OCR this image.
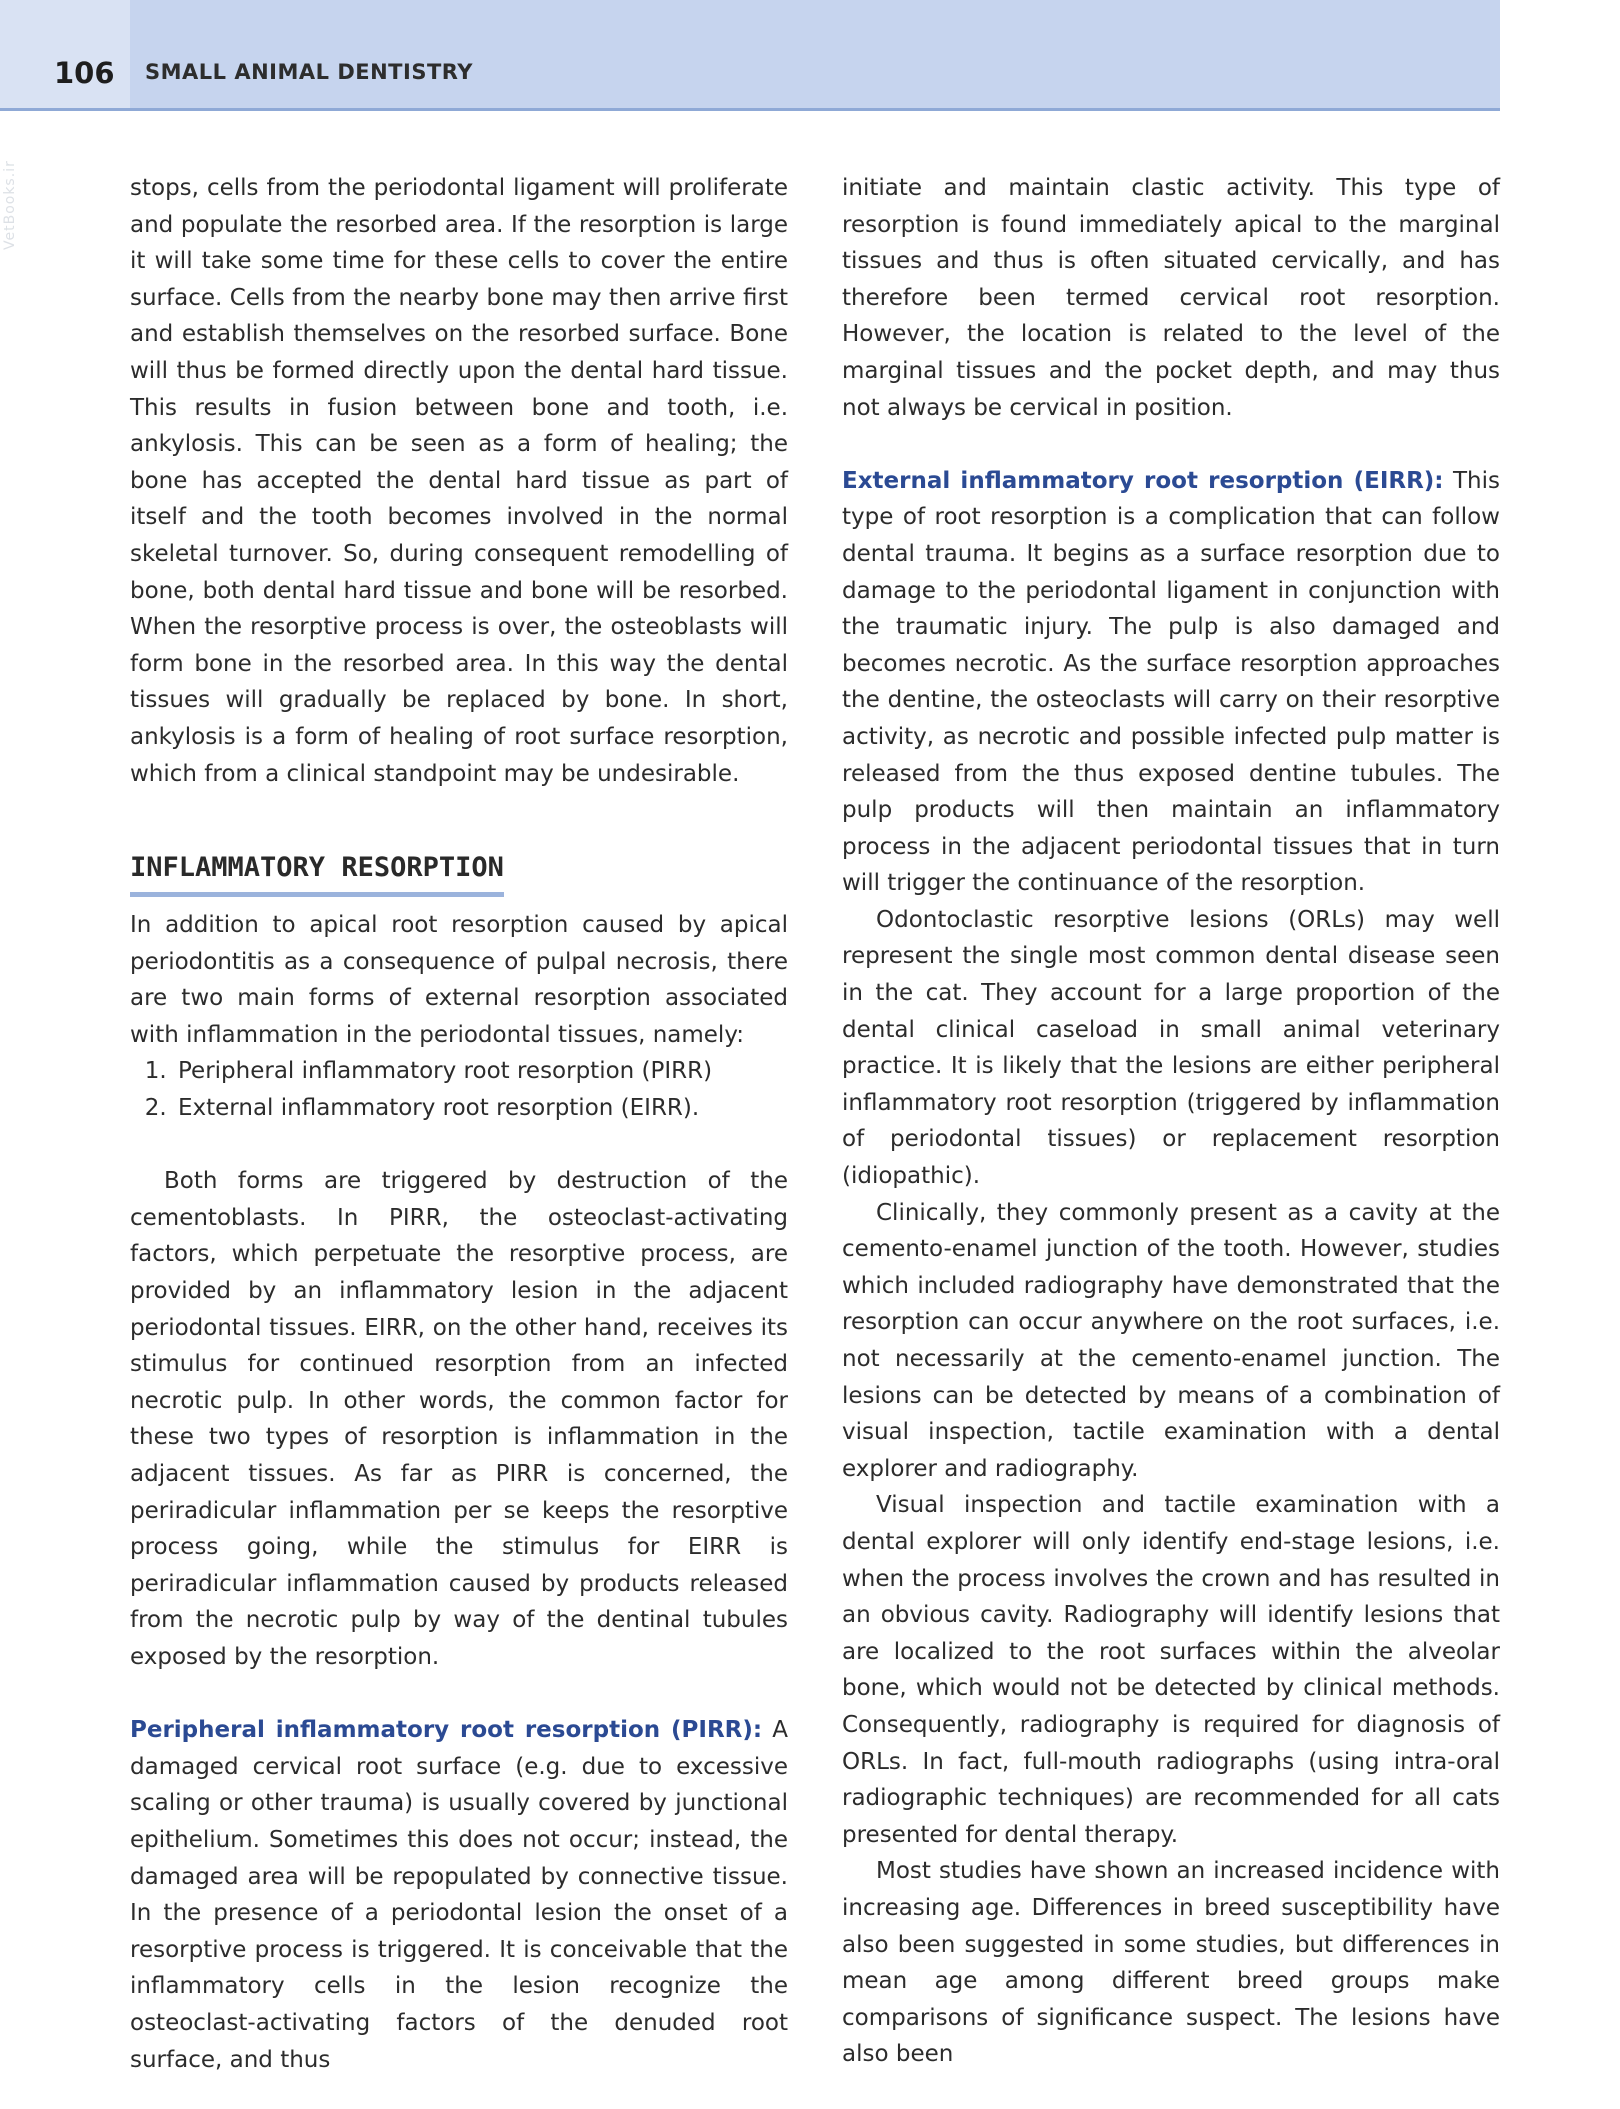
106 SMALL ANIMAL DENTISTRY
VetBooks.ir	stops, cells from the periodontal ligament will proliferate and populate the resorbed area. If the resorption is large it will take some time for these cells to cover the entire surface. Cells from the nearby bone may then arrive first and establish themselves on the resorbed surface. Bone will thus be formed directly upon the dental hard tissue. This results in fusion between bone and tooth, i.e. ankylosis. This can be seen as a form of healing; the bone has accepted the dental hard tissue as part of itself and the tooth becomes involved in the normal skeletal turnover. So, during consequent remodelling of bone, both dental hard tissue and bone will be resorbed. When the resorptive process is over, the osteoblasts will form bone in the resorbed area. In this way the dental tissues will gradually be replaced by bone. In short, ankylosis is a form of healing of root surface resorption, which from a clinical standpoint may be undesirable.

INFLAMMATORY RESORPTION

In addition to apical root resorption caused by apical periodontitis as a consequence of pulpal necrosis, there are two main forms of external resorption associated with inflammation in the periodontal tissues, namely:

1. Peripheral inflammatory root resorption (PIRR)
2. External inflammatory root resorption (EIRR).

Both forms are triggered by destruction of the cementoblasts. In PIRR, the osteoclast-activating factors, which perpetuate the resorptive process, are provided by an inflammatory lesion in the adjacent periodontal tissues. EIRR, on the other hand, receives its stimulus for continued resorption from an infected necrotic pulp. In other words, the common factor for these two types of resorption is inflammation in the adjacent tissues. As far as PIRR is concerned, the periradicular inflammation per se keeps the resorptive process going, while the stimulus for EIRR is periradicular inflammation caused by products released from the necrotic pulp by way of the dentinal tubules exposed by the resorption.

Peripheral inflammatory root resorption (PIRR): A damaged cervical root surface (e.g. due to excessive scaling or other trauma) is usually covered by junctional epithelium. Sometimes this does not occur; instead, the damaged area will be repopulated by connective tissue. In the presence of a periodontal lesion the onset of a resorptive process is triggered. It is conceivable that the inflammatory cells in the lesion recognize the osteoclast-activating factors of the denuded root surface, and thus

initiate and maintain clastic activity. This type of resorption is found immediately apical to the marginal tissues and thus is often situated cervically, and has therefore been termed cervical root resorption. However, the location is related to the level of the marginal tissues and the pocket depth, and may thus not always be cervical in position.

External inflammatory root resorption (EIRR): This type of root resorption is a complication that can follow dental trauma. It begins as a surface resorption due to damage to the periodontal ligament in conjunction with the traumatic injury. The pulp is also damaged and becomes necrotic. As the surface resorption approaches the dentine, the osteoclasts will carry on their resorptive activity, as necrotic and possible infected pulp matter is released from the thus exposed dentine tubules. The pulp products will then maintain an inflammatory process in the adjacent periodontal tissues that in turn will trigger the continuance of the resorption.

Odontoclastic resorptive lesions (ORLs) may well represent the single most common dental disease seen in the cat. They account for a large proportion of the dental clinical caseload in small animal veterinary practice. It is likely that the lesions are either peripheral inflammatory root resorption (triggered by inflammation of periodontal tissues) or replacement resorption (idiopathic).

Clinically, they commonly present as a cavity at the cemento-enamel junction of the tooth. However, studies which included radiography have demonstrated that the resorption can occur anywhere on the root surfaces, i.e. not necessarily at the cemento-enamel junction. The lesions can be detected by means of a combination of visual inspection, tactile examination with a dental explorer and radiography.

Visual inspection and tactile examination with a dental explorer will only identify end-stage lesions, i.e. when the process involves the crown and has resulted in an obvious cavity. Radiography will identify lesions that are localized to the root surfaces within the alveolar bone, which would not be detected by clinical methods. Consequently, radiography is required for diagnosis of ORLs. In fact, full-mouth radiographs (using intra-oral radiographic techniques) are recommended for all cats presented for dental therapy.

Most studies have shown an increased incidence with increasing age. Differences in breed susceptibility have also been suggested in some studies, but differences in mean age among different breed groups make comparisons of significance suspect. The lesions have also been
